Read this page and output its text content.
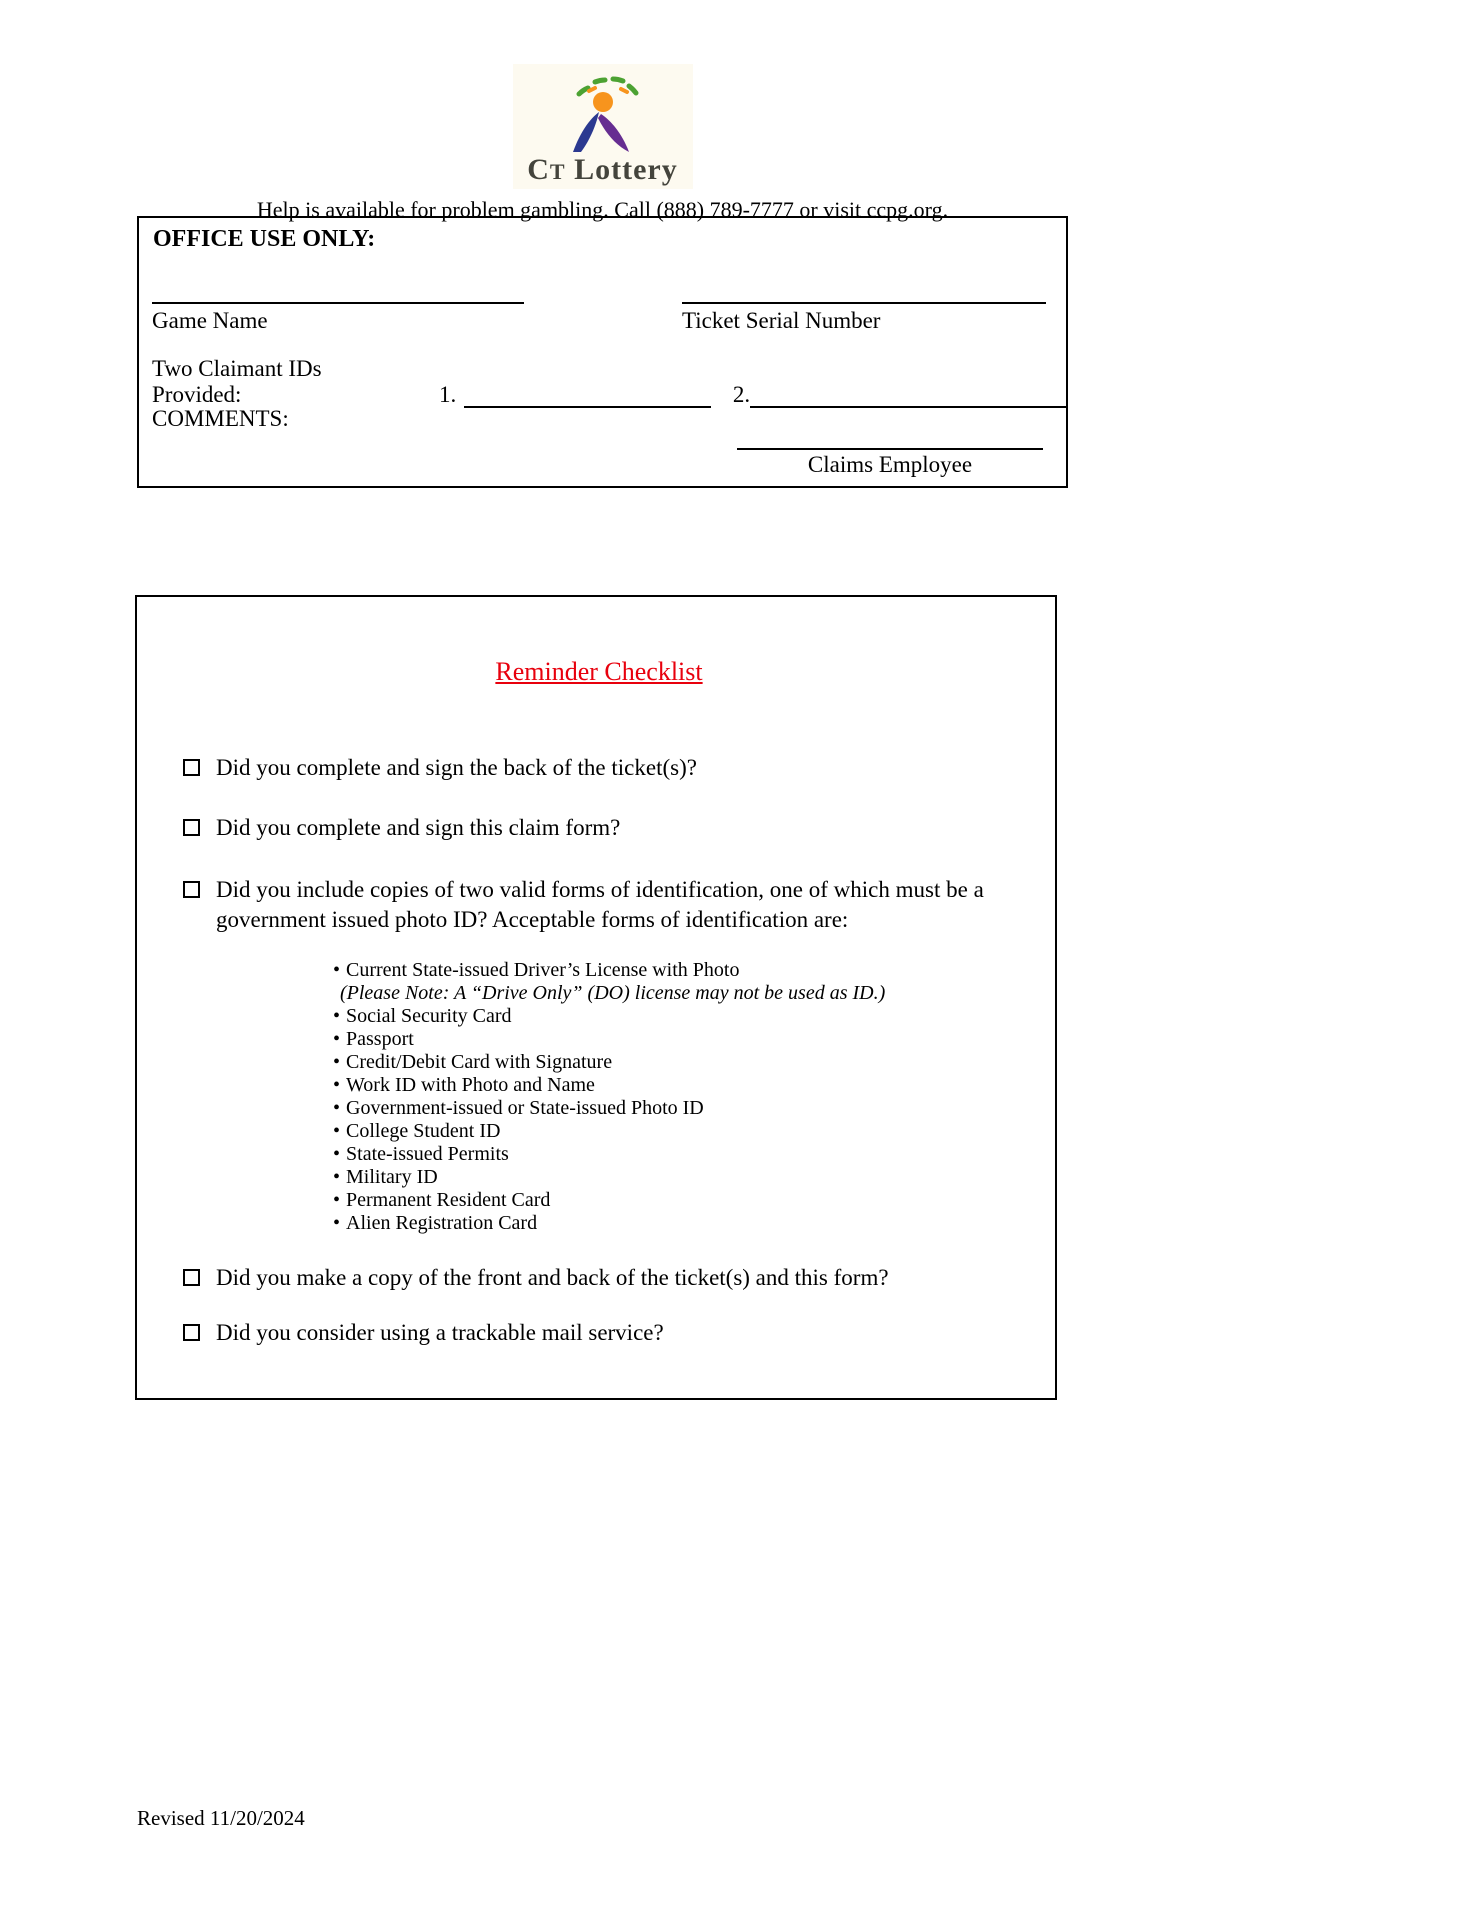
CT Lottery
Help is available for problem gambling. Call (888) 789-7777 or visit ccpg.org.
OFFICE USE ONLY:
Game Name	Ticket Serial Number
Two Claimant IDs Provided:	1.	2.
COMMENTS:
Claims Employee
Reminder Checklist
Did you complete and sign the back of the ticket(s)?
Did you complete and sign this claim form?
Did you include copies of two valid forms of identification, one of which must be a government issued photo ID? Acceptable forms of identification are:
• Current State-issued Driver’s License with Photo
(Please Note: A “Drive Only” (DO) license may not be used as ID.)
• Social Security Card
• Passport
• Credit/Debit Card with Signature
• Work ID with Photo and Name
• Government-issued or State-issued Photo ID
• College Student ID
• State-issued Permits
• Military ID
• Permanent Resident Card
• Alien Registration Card
Did you make a copy of the front and back of the ticket(s) and this form?
Did you consider using a trackable mail service?
Revised 11/20/2024
